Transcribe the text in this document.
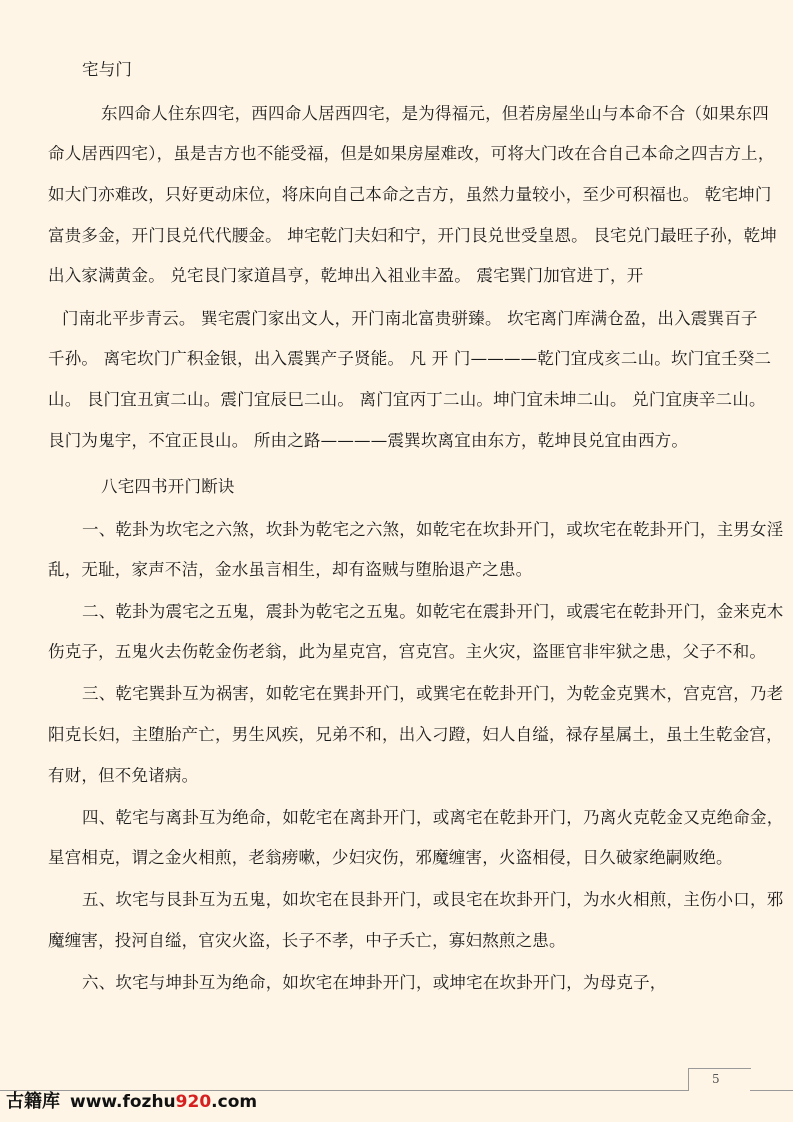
宅与门
东四命人住东四宅，西四命人居西四宅，是为得福元，但若房屋坐山与本命不合（如果东四
命人居西四宅），虽是吉方也不能受福，但是如果房屋难改，可将大门改在合自己本命之四吉方上，
如大门亦难改，只好更动床位，将床向自己本命之吉方，虽然力量较小，至少可积福也。 乾宅坤门
富贵多金，开门艮兑代代腰金。 坤宅乾门夫妇和宁，开门艮兑世受皇恩。 艮宅兑门最旺子孙，乾坤
出入家满黄金。 兑宅艮门家道昌亨，乾坤出入祖业丰盈。 震宅巽门加官进丁，开
门南北平步青云。 巽宅震门家出文人，开门南北富贵骈臻。 坎宅离门库满仓盈，出入震巽百子
千孙。 离宅坎门广积金银，出入震巽产子贤能。 凡 开 门————乾门宜戌亥二山。坎门宜壬癸二
山。 艮门宜丑寅二山。震门宜辰巳二山。 离门宜丙丁二山。坤门宜未坤二山。 兑门宜庚辛二山。
艮门为鬼宇，不宜正艮山。 所由之路————震巽坎离宜由东方，乾坤艮兑宜由西方。
八宅四书开门断诀
一、乾卦为坎宅之六煞，坎卦为乾宅之六煞，如乾宅在坎卦开门，或坎宅在乾卦开门，主男女淫
乱，无耻，家声不洁，金水虽言相生，却有盗贼与堕胎退产之患。
二、乾卦为震宅之五鬼，震卦为乾宅之五鬼。如乾宅在震卦开门，或震宅在乾卦开门，金来克木
伤克子，五鬼火去伤乾金伤老翁，此为星克宫，宫克宫。主火灾，盗匪官非牢狱之患，父子不和。
三、乾宅巽卦互为祸害，如乾宅在巽卦开门，或巽宅在乾卦开门，为乾金克巽木，宫克宫，乃老
阳克长妇，主堕胎产亡，男生风疾，兄弟不和，出入刁蹬，妇人自缢，禄存星属土，虽土生乾金宫，
有财，但不免诸病。
四、乾宅与离卦互为绝命，如乾宅在离卦开门，或离宅在乾卦开门，乃离火克乾金又克绝命金，
星宫相克，谓之金火相煎，老翁痨嗽，少妇灾伤，邪魔缠害，火盗相侵，日久破家绝嗣败绝。
五、坎宅与艮卦互为五鬼，如坎宅在艮卦开门，或艮宅在坎卦开门，为水火相煎，主伤小口，邪
魔缠害，投河自缢，官灾火盗，长子不孝，中子夭亡，寡妇熬煎之患。
六、坎宅与坤卦互为绝命，如坎宅在坤卦开门，或坤宅在坎卦开门，为母克子，
5
古籍库 www.fozhu920.com
